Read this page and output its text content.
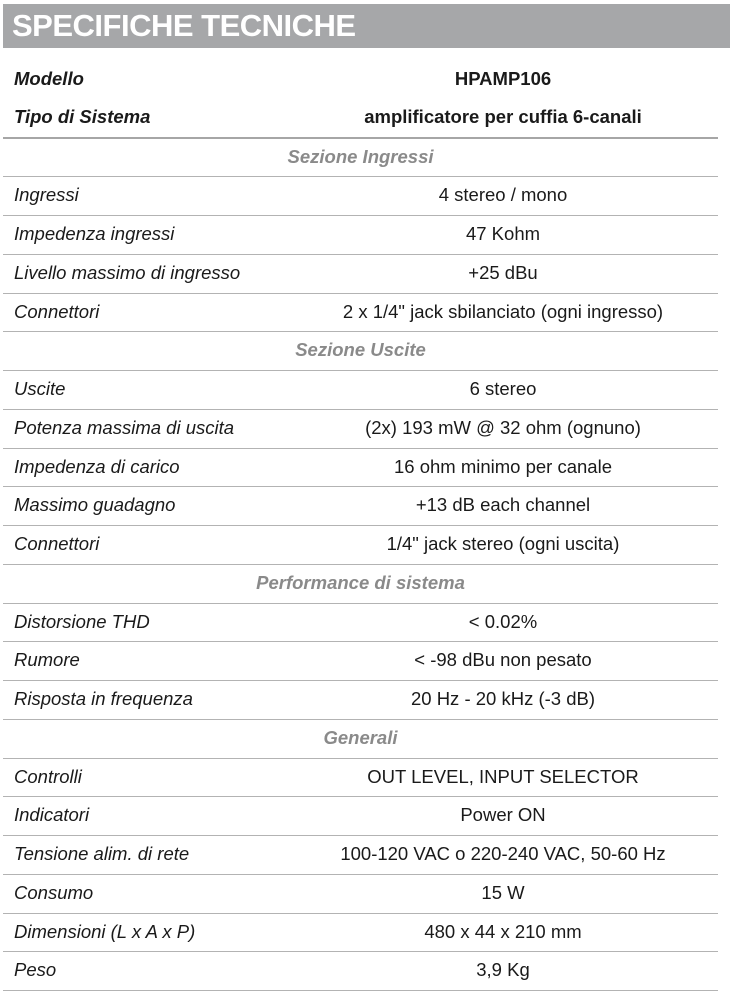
SPECIFICHE TECNICHE
Modello	HPAMP106
Tipo di Sistema	amplificatore per cuffia 6-canali
Sezione Ingressi
Ingressi	4 stereo / mono
Impedenza ingressi	47 Kohm
Livello massimo di ingresso	+25 dBu
Connettori	2 x 1/4" jack sbilanciato (ogni ingresso)
Sezione Uscite
Uscite	6 stereo
Potenza massima di uscita	(2x) 193 mW @ 32 ohm (ognuno)
Impedenza di carico	16 ohm minimo per canale
Massimo guadagno	+13 dB each channel
Connettori	1/4" jack stereo (ogni uscita)
Performance di sistema
Distorsione THD	< 0.02%
Rumore	< -98 dBu non pesato
Risposta in frequenza	20 Hz - 20 kHz (-3 dB)
Generali
Controlli	OUT LEVEL, INPUT SELECTOR
Indicatori	Power ON
Tensione alim. di rete	100-120 VAC o 220-240 VAC, 50-60 Hz
Consumo	15 W
Dimensioni (L x A x P)	480 x 44 x 210 mm
Peso	3,9 Kg
